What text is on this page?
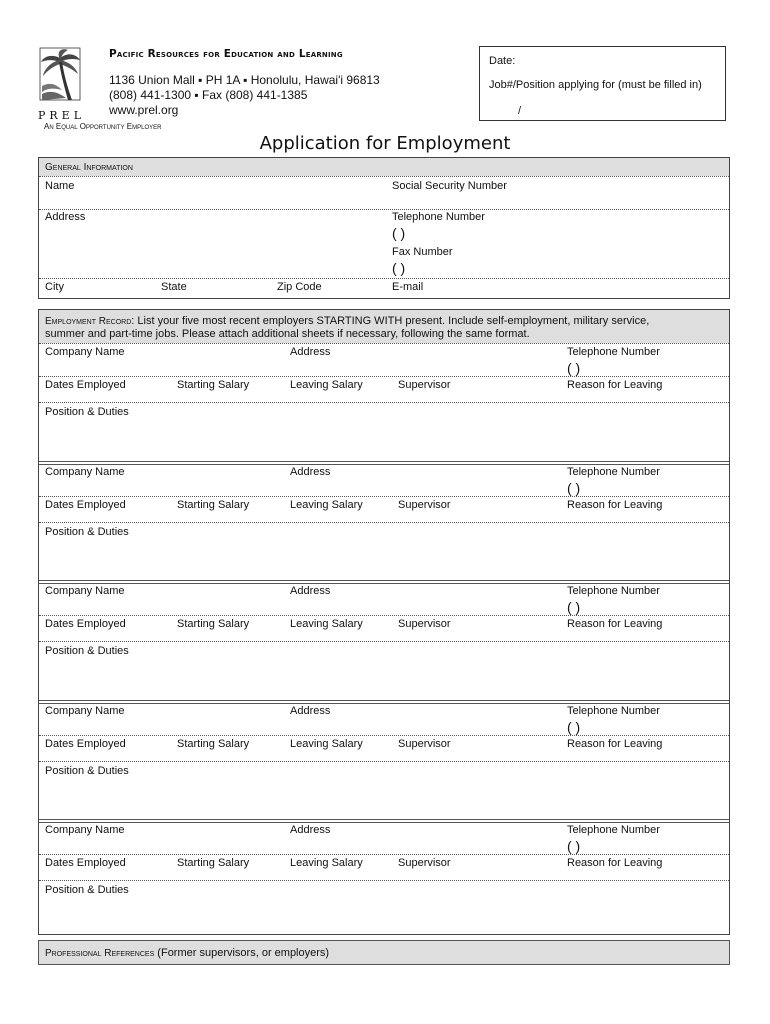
PREL
Pacific Resources for Education and Learning
1136 Union Mall ▪ PH 1A ▪ Honolulu, Hawai'i 96813
(808) 441-1300 ▪ Fax (808) 441-1385
www.prel.org
An Equal Opportunity Employer
Date:
Job#/Position applying for (must be filled in)
/
Application for Employment
General Information
Name	Social Security Number
Address	Telephone Number
( )
Fax Number
( )
City	State	Zip Code	E-mail
Employment Record: List your five most recent employers STARTING WITH present. Include self-employment, military service,
summer and part-time jobs. Please attach additional sheets if necessary, following the same format.
Company Name	Address	Telephone Number
( )
Dates Employed	Starting Salary	Leaving Salary	Supervisor	Reason for Leaving
Position & Duties
Company Name	Address	Telephone Number
( )
Dates Employed	Starting Salary	Leaving Salary	Supervisor	Reason for Leaving
Position & Duties
Company Name	Address	Telephone Number
( )
Dates Employed	Starting Salary	Leaving Salary	Supervisor	Reason for Leaving
Position & Duties
Company Name	Address	Telephone Number
( )
Dates Employed	Starting Salary	Leaving Salary	Supervisor	Reason for Leaving
Position & Duties
Company Name	Address	Telephone Number
( )
Dates Employed	Starting Salary	Leaving Salary	Supervisor	Reason for Leaving
Position & Duties
Professional References (Former supervisors, or employers)
